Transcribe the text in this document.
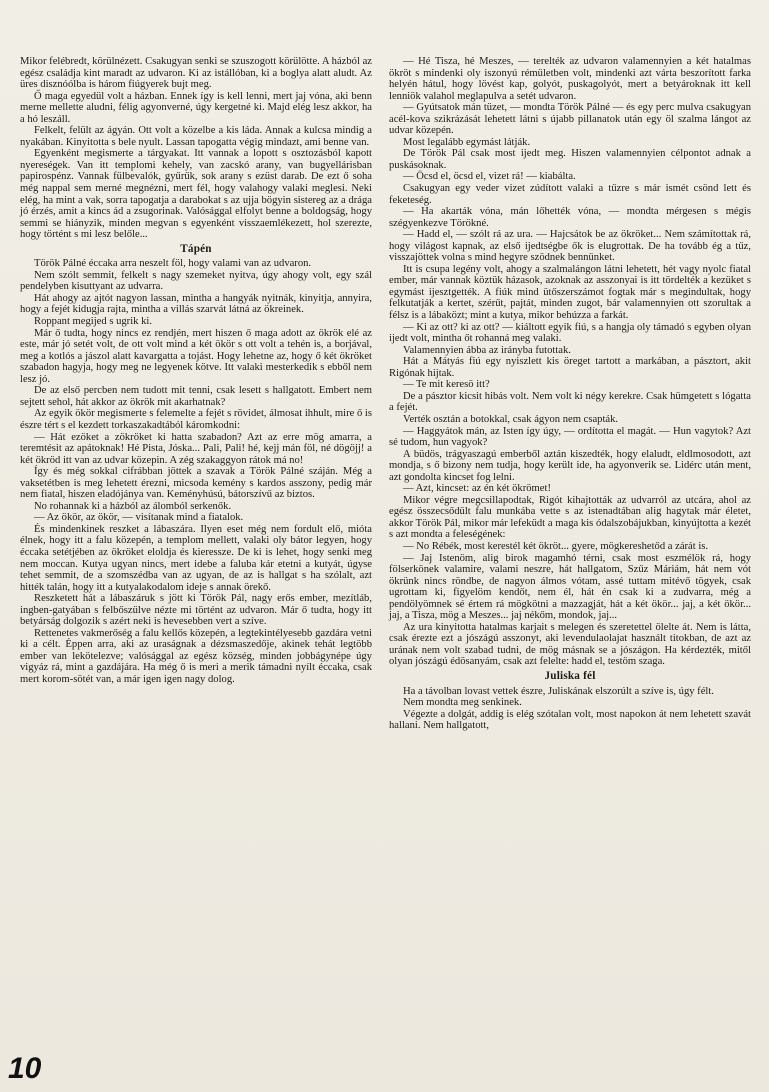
Mikor felébredt, körülnézett. Csakugyan senki se szuszogott körülötte. A házból az egész családja kint maradt az udvaron. Ki az istállóban, ki a boglya alatt aludt. Az üres disznóólba is három fiúgyerek bujt meg.

Ő maga egyedül volt a házban. Ennek így is kell lenni, mert jaj vóna, aki benn merne mellette aludni, félig agyonverné, úgy kergetné ki. Majd elég lesz akkor, ha a hó leszáll.

Felkelt, felült az ágyán. Ott volt a közelbe a kis láda. Annak a kulcsa mindig a nyakában. Kinyitotta s bele nyult. Lassan tapogatta végig mindazt, ami benne van.

Egyenként megismerte a tárgyakat. Itt vannak a lopott s osztozásból kapott nyereségek. Van itt templomi kehely, van zacskó arany, van bugyellárisban papirospénz. Vannak fülbevalók, gyűrűk, sok arany s ezüst darab. De ezt ő soha még nappal sem merné megnézni, mert fél, hogy valahogy valaki meglesi. Neki elég, ha mint a vak, sorra tapogatja a darabokat s az ujja bögyin sistereg az a drága jó érzés, amit a kincs ád a zsugorinak. Valósággal elfolyt benne a boldogság, hogy semmi se hiányzik, minden megvan s egyenként visszaemlékezett, hol szerezte, hogy történt s mi lesz belőle...

Tápén

Török Pálné éccaka arra neszelt föl, hogy valami van az udvaron.

Nem szólt semmit, felkelt s nagy szemeket nyitva, úgy ahogy volt, egy szál pendelyben kisuttyant az udvarra.

Hát ahogy az ajtót nagyon lassan, mintha a hangyák nyitnák, kinyitja, annyira, hogy a fejét kidugja rajta, mintha a villás szarvát látná az ökreinek.

Roppant megijed s ugrik ki.

Már ő tudta, hogy nincs ez rendjén, mert hiszen ő maga adott az ökrök elé az este, már jó setét volt, de ott volt mind a két ökör s ott volt a tehén is, a borjával, meg a kotlós a jászol alatt kavargatta a tojást. Hogy lehetne az, hogy ő két ökröket szabadon hagyja, hogy meg ne legyenek kötve. Itt valaki mesterkedik s ebből nem lesz jó.

De az első percben nem tudott mit tenni, csak lesett s hallgatott. Embert nem sejtett sehol, hát akkor az ökrök mit akarhatnak?

Az egyik ökör megismerte s felemelte a fejét s rövidet, álmosat ihhult, mire ő is észre tért s el kezdett torkaszakadtából káromkodni:

— Hát ezöket a zökröket ki hatta szabadon? Azt az erre mög amarra, a teremtésit az apátoknak! Hé Pista, Jóska... Pali, Pali! hé, kejj mán föl, né dögöjj! a két ökröd itt van az udvar közepin. A zég szakaggyon rátok má no!

Így és még sokkal cifrábban jöttek a szavak a Török Pálné száján. Még a vaksetétben is meg lehetett érezni, micsoda kemény s kardos asszony, pedig már nem fiatal, hiszen eladójánya van. Keményhúsú, bátorszívű az biztos.

No rohannak ki a házból az álomból serkenők.

— Az ökör, az ökör, — visítanak mind a fiatalok.

És mindenkinek reszket a lábaszára. Ilyen eset még nem fordult elő, mióta élnek, hogy itt a falu közepén, a templom mellett, valaki oly bátor legyen, hogy éccaka setétjében az ökröket eloldja és kieressze. De ki is lehet, hogy senki meg nem moccan. Kutya ugyan nincs, mert idebe a faluba kár etetni a kutyát, úgyse tehet semmit, de a szomszédba van az ugyan, de az is hallgat s ha szólalt, azt hitték talán, hogy itt a kutyalakodalom ideje s annak örekő.

Reszketett hát a lábaszáruk s jött ki Török Pál, nagy erős ember, mezítláb, ingben-gatyában s felbőszülve nézte mi történt az udvaron. Már ő tudta, hogy itt betyárság dolgozik s azért neki is hevesebben vert a szíve.

Rettenetes vakmerőség a falu kellős közepén, a legtekintélyesebb gazdára vetni ki a célt. Éppen arra, aki az uraságnak a dézsmaszedője, akinek tehát legtöbb ember van lekötelezve; valósággal az egész község, minden jobbágynépe úgy vigyáz rá, mint a gazdájára. Ha még ő is meri a merik támadni nyílt éccaka, csak mert korom-sötét van, a már igen igen nagy dolog.

— Hé Tisza, hé Meszes, — terelték az udvaron valamennyien a két hatalmas ökröt s mindenki oly iszonyú rémületben volt, mindenki azt várta beszorított farka helyén hátul, hogy lövést kap, golyót, puskagolyót, mert a betyároknak itt kell lenniök valahol meglapulva a setét udvaron.

— Gyútsatok mán tüzet, — mondta Török Pálné — és egy perc mulva csakugyan acél-kova szikrázását lehetett látni s újabb pillanatok után egy öl szalma lángot az udvar közepén.

Most legalább egymást látják.

De Török Pál csak most ijedt meg. Hiszen valamennyien célpontot adnak a puskásoknak.

— Öcsd el, öcsd el, vizet rá! — kiabálta.

Csakugyan egy veder vizet zúdított valaki a tűzre s már ismét csönd lett és feketeség.

— Ha akarták vóna, mán lőhették vóna, — mondta mérgesen s mégis szégyenkezve Törökné.

— Hadd el, — szólt rá az ura. — Hajcsátok be az ökröket... Nem számítottak rá, hogy világost kapnak, az első ijedtségbe ők is elugrottak. De ha tovább ég a tűz, visszajöttek volna s mind hegyre szödnek bennünket.

Itt is csupa legény volt, ahogy a szalmalángon látni lehetett, hét vagy nyolc fiatal ember, már vannak köztük házasok, azoknak az asszonyai is itt tördelték a kezüket s egymást ijesztgették. A fiúk mind ütőszerszámot fogtak már s megindultak, hogy felkutatják a kertet, szérűt, pajtát, minden zugot, bár valamennyien ott szorultak a félsz is a lábaközt; mint a kutya, mikor behúzza a farkát.

— Ki az ott? ki az ott? — kiáltott egyik fiú, s a hangja oly támadó s egyben olyan ijedt volt, mintha őt rohanná meg valaki.

Valamennyien ábba az irányba futottak.

Hát a Mátyás fiú egy nyiszlett kis öreget tartott a markában, a pásztort, akit Rigónak hijtak.

— Te mit keresö itt?

De a pásztor kicsit hibás volt. Nem volt ki négy kerekre. Csak hümgetett s lógatta a fejét.

Verték osztán a botokkal, csak ágyon nem csapták.

— Haggyátok mán, az Isten így úgy, — ordította el magát. — Hun vagytok? Azt sé tudom, hun vagyok?

A büdös, trágyaszagú emberből aztán kiszedték, hogy elaludt, eldlmosodott, azt mondja, s ő bizony nem tudja, hogy került ide, ha agyonverik se. Lidérc után ment, azt gondolta kincset fog lelni.

— Azt, kincset: az én két ökrömet!

Mikor végre megcsillapodtak, Rigót kihajtották az udvarról az utcára, ahol az egész összecsődült falu munkába vette s az istenadtában alig hagytak már életet, akkor Török Pál, mikor már lefeküdt a maga kis ódalszobájukban, kinyújtotta a kezét s azt mondta a feleségének:

— No Rébék, most kerestél két ökröt... gyere, mögkereshetőd a zárát is.

— Jaj Istenöm, alig birok magamhó térni, csak most eszmélök rá, hogy fölserkönek valamire, valami neszre, hát hallgatom, Szűz Máriám, hát nem vót ökrünk nincs röndbe, de nagyon álmos vótam, assé tuttam mitévő tögyek, csak ugrottam ki, figyelöm kendőt, nem él, hát én csak ki a zudvarra, még a pendölyömnek sé értem rá mögkötni a mazzagját, hát a két ökör... jaj, a két ökör... jaj, a Tisza, mög a Meszes... jaj nékőm, mondok, jaj...

Az ura kinyitotta hatalmas karjait s melegen és szeretettel ölelte át. Nem is látta, csak érezte ezt a jószágú asszonyt, aki levendulaolajat használt titokban, de azt az urának nem volt szabad tudni, de mög másnak se a jószágon. Ha kérdezték, mitől olyan jószágú édösanyám, csak azt felelte: hadd el, testöm szaga.

Juliska fél

Ha a távolban lovast vettek észre, Juliskának elszorúlt a szíve is, úgy félt.

Nem mondta meg senkinek.

Végezte a dolgát, addig is elég szótalan volt, most napokon át nem lehetett szavát hallani. Nem hallgatott,

10
